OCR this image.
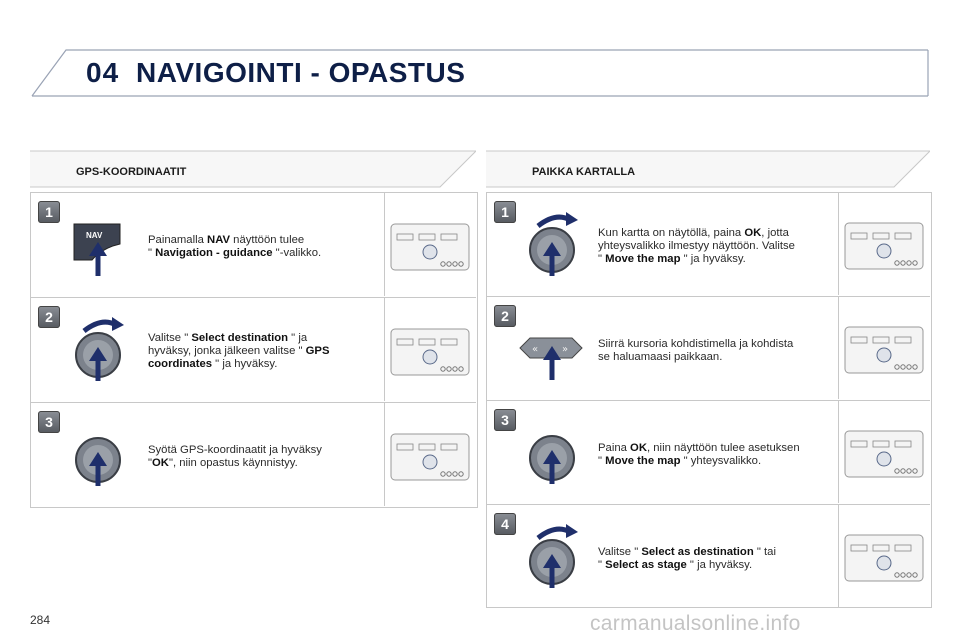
04 NAVIGOINTI - OPASTUS
GPS-KOORDINAATIT	PAIKKA KARTALLA
1
NAV	Painamalla NAV näyttöön tulee
" Navigation - guidance "-valikko.
2
Valitse " Select destination " ja
hyväksy, jonka jälkeen valitse " GPS
coordinates " ja hyväksy.
3
Syötä GPS-koordinaatit ja hyväksy
"OK", niin opastus käynnistyy.
1
Kun kartta on näytöllä, paina OK, jotta
yhteysvalikko ilmestyy näyttöön. Valitse
" Move the map " ja hyväksy.
2
« »	Siirrä kursoria kohdistimella ja kohdista
se haluamaasi paikkaan.
3
Paina OK, niin näyttöön tulee asetuksen
" Move the map " yhteysvalikko.
4
Valitse " Select as destination " tai
" Select as stage " ja hyväksy.
284	carmanualsonline.info
